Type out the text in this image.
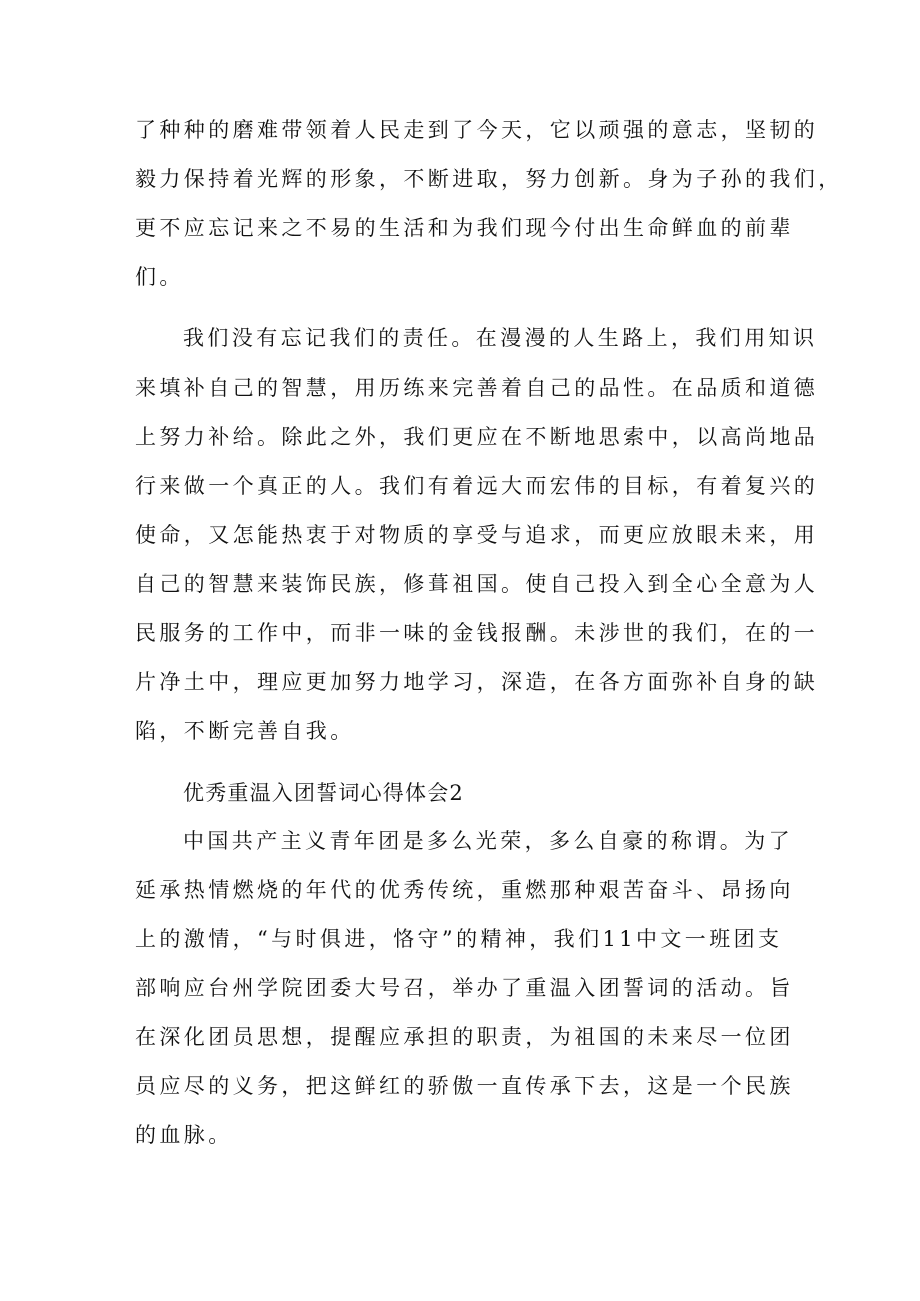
了种种的磨难带领着人民走到了今天，它以顽强的意志，坚韧的
毅力保持着光辉的形象，不断进取，努力创新。身为子孙的我们，
更不应忘记来之不易的生活和为我们现今付出生命鲜血的前辈
们。
我们没有忘记我们的责任。在漫漫的人生路上，我们用知识
来填补自己的智慧，用历练来完善着自己的品性。在品质和道德
上努力补给。除此之外，我们更应在不断地思索中，以高尚地品
行来做一个真正的人。我们有着远大而宏伟的目标，有着复兴的
使命，又怎能热衷于对物质的享受与追求，而更应放眼未来，用
自己的智慧来装饰民族，修葺祖国。使自己投入到全心全意为人
民服务的工作中，而非一味的金钱报酬。未涉世的我们，在的一
片净土中，理应更加努力地学习，深造，在各方面弥补自身的缺
陷，不断完善自我。
优秀重温入团誓词心得体会2
中国共产主义青年团是多么光荣，多么自豪的称谓。为了
延承热情燃烧的年代的优秀传统，重燃那种艰苦奋斗、昂扬向
上的激情，“与时俱进，恪守”的精神，我们11中文一班团支
部响应台州学院团委大号召，举办了重温入团誓词的活动。旨
在深化团员思想，提醒应承担的职责，为祖国的未来尽一位团
员应尽的义务，把这鲜红的骄傲一直传承下去，这是一个民族
的血脉。
